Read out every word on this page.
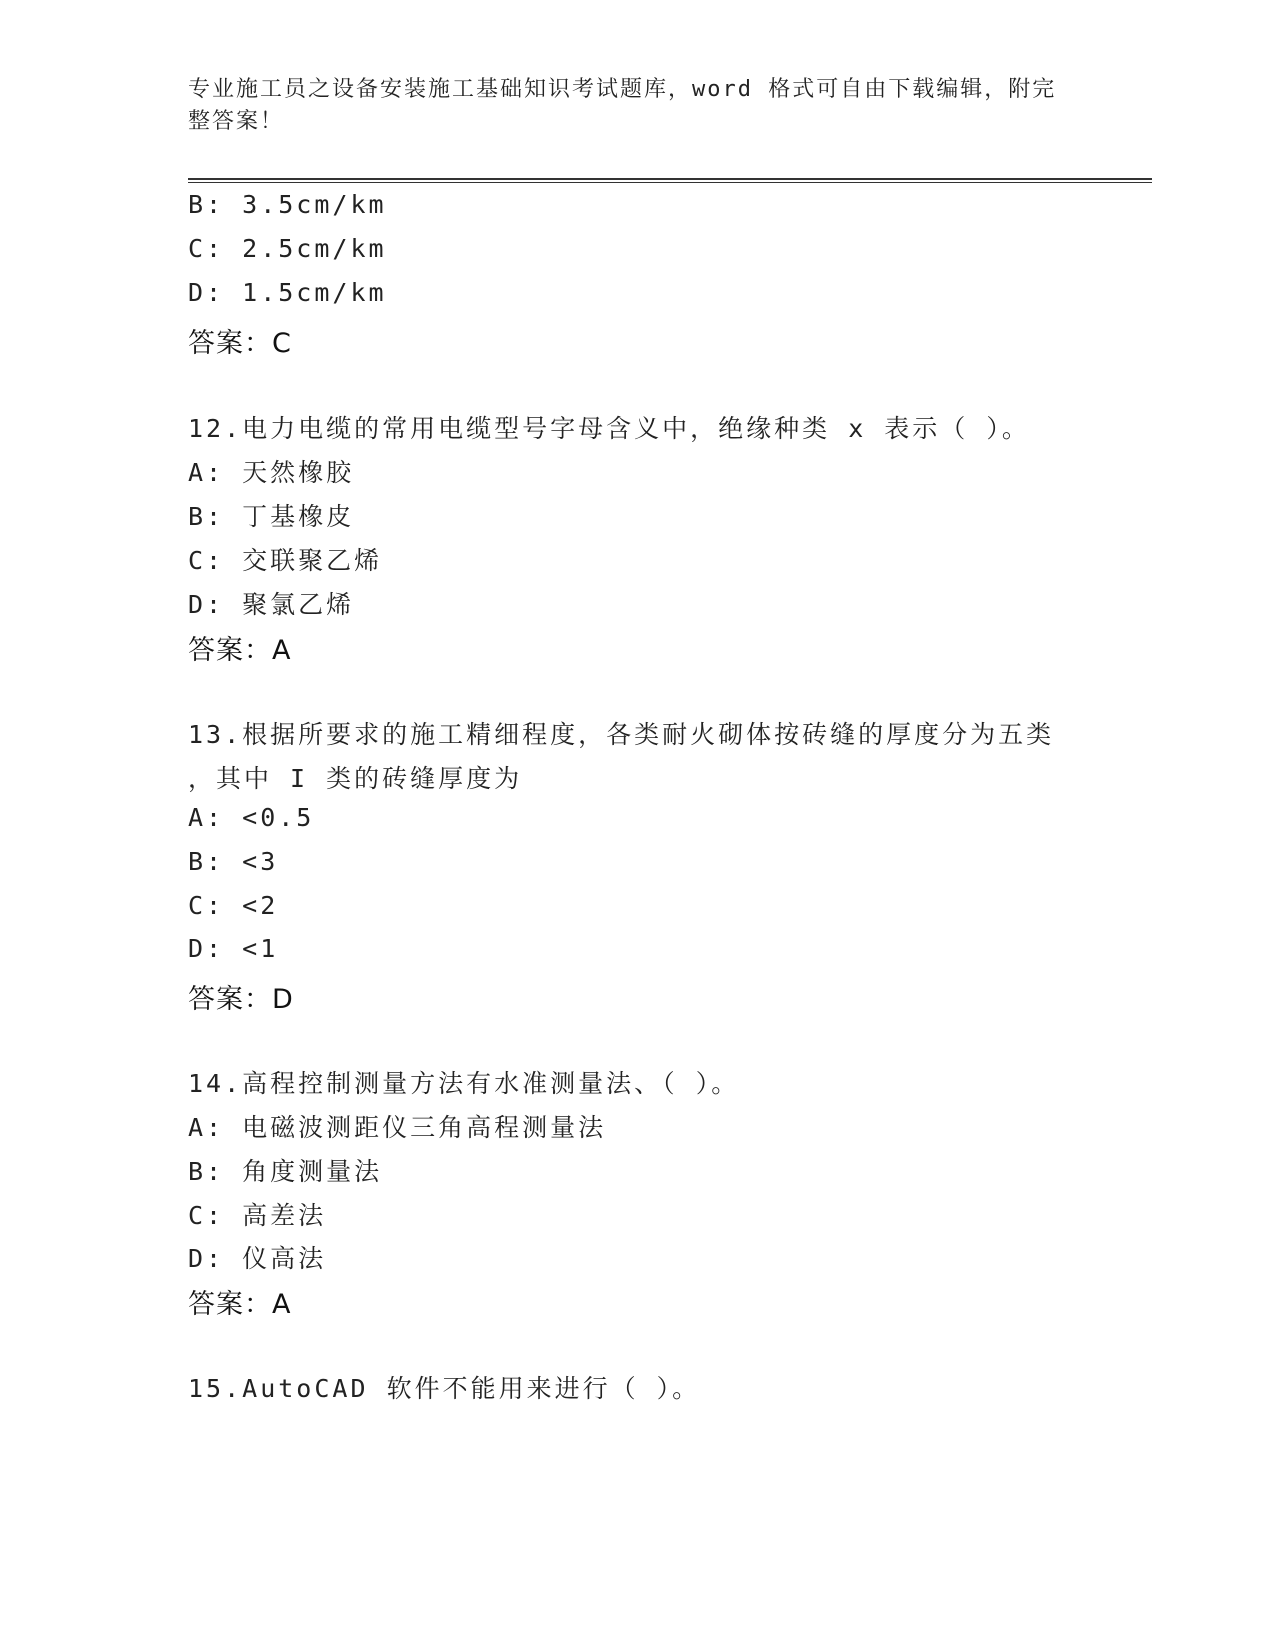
专业施工员之设备安装施工基础知识考试题库，word 格式可自由下载编辑，附完整答案！
B: 3.5cm/km
C: 2.5cm/km
D: 1.5cm/km
答案：C
12.电力电缆的常用电缆型号字母含义中，绝缘种类 x 表示（ ）。
A: 天然橡胶
B: 丁基橡皮
C: 交联聚乙烯
D: 聚氯乙烯
答案：A
13.根据所要求的施工精细程度，各类耐火砌体按砖缝的厚度分为五类
，其中 I 类的砖缝厚度为
A: <0.5
B: <3
C: <2
D: <1
答案：D
14.高程控制测量方法有水准测量法、（ ）。
A: 电磁波测距仪三角高程测量法
B: 角度测量法
C: 高差法
D: 仪高法
答案：A
15.AutoCAD 软件不能用来进行（ ）。
